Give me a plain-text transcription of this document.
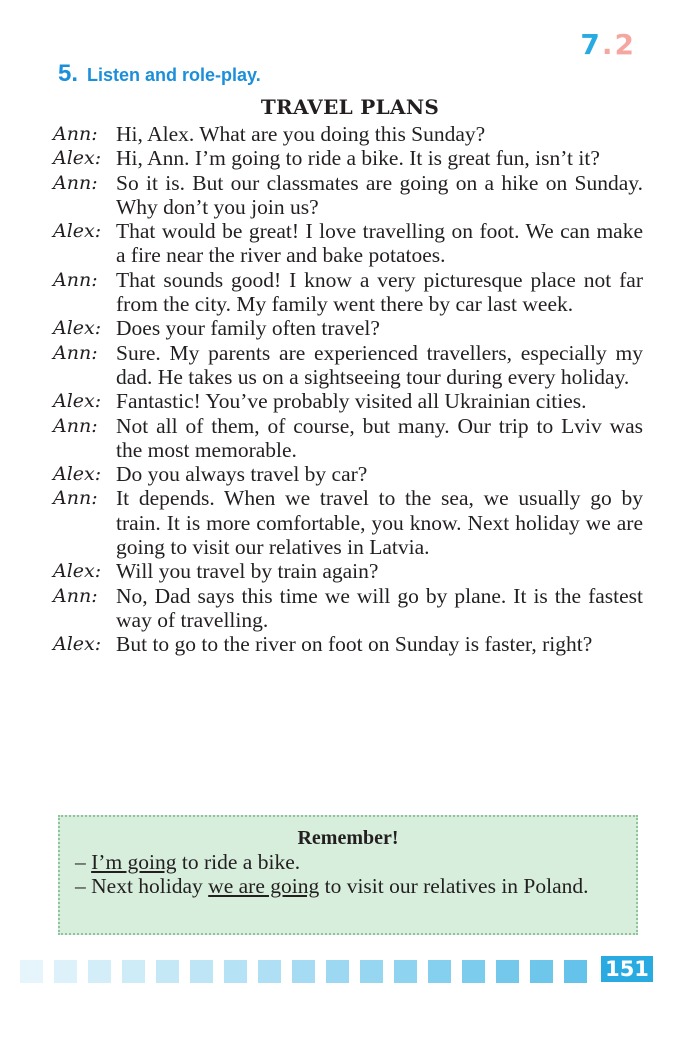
7.2
5. Listen and role-play.
TRAVEL PLANS
Ann: Hi, Alex. What are you doing this Sunday?
Alex: Hi, Ann. I’m going to ride a bike. It is great fun, isn’t it?
Ann: So it is. But our classmates are going on a hike on Sunday. Why don’t you join us?
Alex: That would be great! I love travelling on foot. We can make a fire near the river and bake potatoes.
Ann: That sounds good! I know a very picturesque place not far from the city. My family went there by car last week.
Alex: Does your family often travel?
Ann: Sure. My parents are experienced travellers, especially my dad. He takes us on a sightseeing tour during every holiday.
Alex: Fantastic! You’ve probably visited all Ukrainian cities.
Ann: Not all of them, of course, but many. Our trip to Lviv was the most memorable.
Alex: Do you always travel by car?
Ann: It depends. When we travel to the sea, we usually go by train. It is more comfortable, you know. Next holiday we are going to visit our relatives in Latvia.
Alex: Will you travel by train again?
Ann: No, Dad says this time we will go by plane. It is the fastest way of travelling.
Alex: But to go to the river on foot on Sunday is faster, right?
Remember!
– I’m going to ride a bike.
– Next holiday we are going to visit our relatives in Poland.
151
